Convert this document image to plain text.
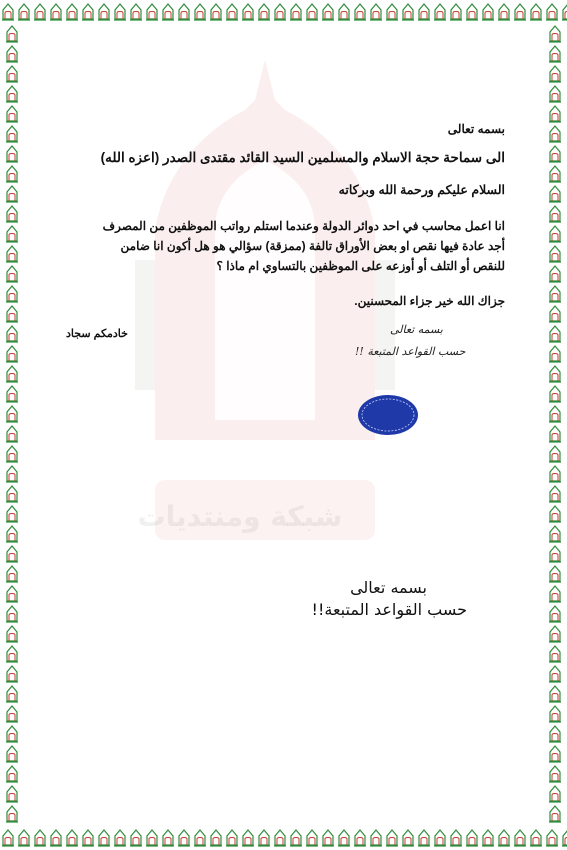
شبكة ومنتديات
بسمه تعالى
الى سماحة حجة الاسلام والمسلمين السيد القائد مقتدى الصدر (اعزه الله)
السلام عليكم ورحمة الله وبركاته
انا اعمل محاسب في احد دوائر الدولة وعندما استلم رواتب الموظفين من المصرف
أجد عادة فيها نقص او بعض الأوراق تالفة (ممزقة) سؤالي هو هل أكون انا ضامن
للنقص أو التلف أو أوزعه على الموظفين بالتساوي ام ماذا ؟
جزاك الله خير جزاء المحسنين.
خادمكم سجاد	بسمه تعالى
حسب القواعد المتبعة !!
بسمه تعالى
حسب القواعد المتبعة!!
